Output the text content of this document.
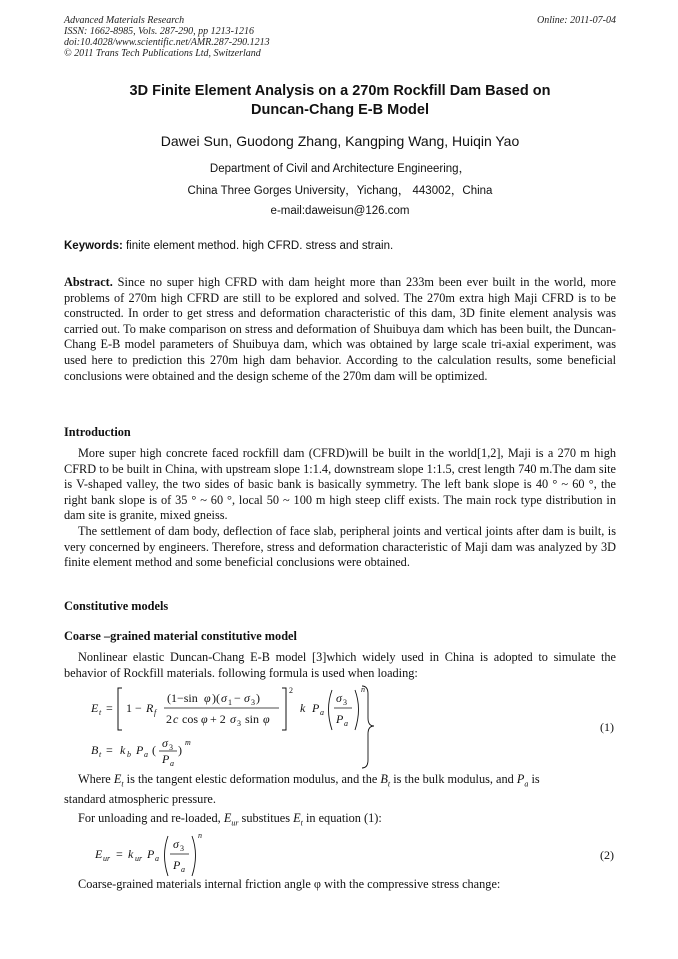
Advanced Materials Research
ISSN: 1662-8985, Vols. 287-290, pp 1213-1216
doi:10.4028/www.scientific.net/AMR.287-290.1213
© 2011 Trans Tech Publications Ltd, Switzerland
Online: 2011-07-04
3D Finite Element Analysis on a 270m Rockfill Dam Based on
Duncan-Chang E-B Model
Dawei Sun, Guodong Zhang, Kangping Wang, Huiqin Yao
Department of Civil and Architecture Engineering，
China Three Gorges University，Yichang， 443002，China
e-mail:daweisun@126.com
Keywords: finite element method. high CFRD. stress and strain.
Abstract. Since no super high CFRD with dam height more than 233m been ever built in the world, more problems of 270m high CFRD are still to be explored and solved. The 270m extra high Maji CFRD is to be constructed. In order to get stress and deformation characteristic of this dam, 3D finite element analysis was carried out. To make comparison on stress and deformation of Shuibuya dam which has been built, the Duncan-Chang E-B model parameters of Shuibuya dam, which was obtained by large scale tri-axial experiment, was used here to prediction this 270m high dam behavior. According to the calculation results, some beneficial conclusions were obtained and the design scheme of the 270m dam will be optimized.
Introduction
More super high concrete faced rockfill dam (CFRD)will be built in the world[1,2], Maji is a 270 m high CFRD to be built in China, with upstream slope 1:1.4, downstream slope 1:1.5, crest length 740 m.The dam site is V-shaped valley, the two sides of basic bank is basically symmetry. The left bank slope is 40 ° ~ 60 °, the right bank slope is of 35 ° ~ 60 °, local 50 ~ 100 m high steep cliff exists. The main rock type distribution in dam site is granite, mixed gneiss.
The settlement of dam body, deflection of face slab, peripheral joints and vertical joints after dam is built, is very concerned by engineers. Therefore, stress and deformation characteristic of Maji dam was analyzed by 3D finite element method and some beneficial conclusions were obtained.
Constitutive models
Coarse –grained material constitutive model
Nonlinear elastic Duncan-Chang E-B model [3]which widely used in China is adopted to simulate the behavior of Rockfill materials. following formula is used when loading:
E t = 1 − R f
(1−sin φ )( σ 1 − σ 3 )
2 c cos φ + 2 σ 3 sin φ
2
k P a
σ 3
P a
n
B t = k b P a ( σ 3
P a
)
m
(1)
Where $E_t$ is the tangent elestic deformation modulus, and the $B_t$ is the bulk modulus, and $P_a$ is
standard atmospheric pressure.
For unloading and re-loaded, $E_{ur}$ substitues $E_t$ in equation (1):
E ur = k ur P a
σ 3
P a
n
(2)
Coarse-grained materials internal friction angle φ with the compressive stress change:
